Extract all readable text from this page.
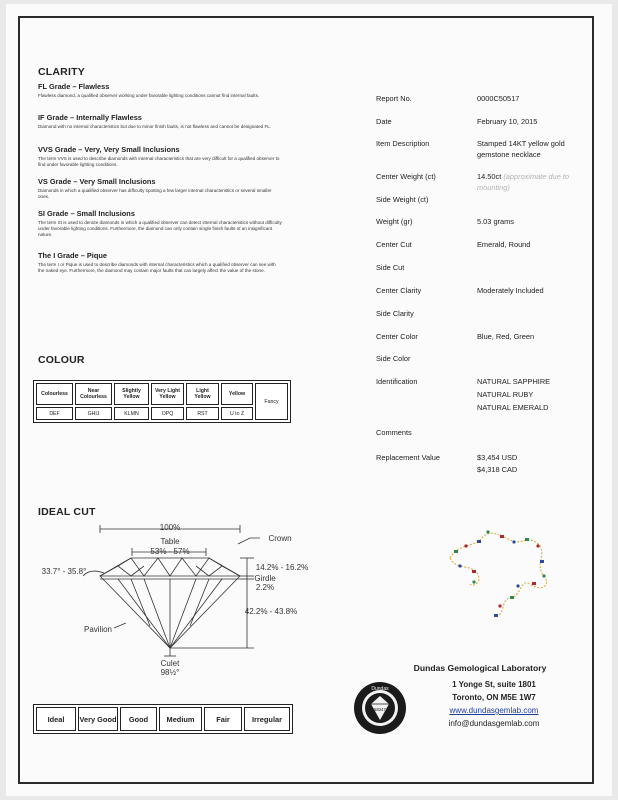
CLARITY
FL Grade – Flawless
Flawless diamond, a qualified observer working under favorable lighting conditions cannot find internal faults.
IF Grade – Internally Flawless
Diamond with no internal characteristics but due to minor finish faults, is not flawless and cannot be designated FL.
VVS Grade – Very, Very Small Inclusions
The term VVS is used to describe diamonds with internal characteristics that are very difficult for a qualified observer to find under favorable lighting conditions.
VS Grade – Very Small Inclusions
Diamonds in which a qualified observer has difficulty spotting a few larger internal characteristics or several smaller ones.
SI Grade – Small Inclusions
The term SI is used to denote diamonds in which a qualified observer can detect internal characteristics without difficulty under favorable lighting conditions. Furthermore, the diamond can only contain single finish faults of an insignificant nature.
The I Grade – Pique
The term I or Pique is used to describe diamonds with internal characteristics which a qualified observer can see with the naked eye. Furthermore, the diamond may contain major faults that can largely affect the value of the stone.
COLOUR
Colourless	Near Colourless	Slightly Yellow	Very Light Yellow	Light Yellow	Yellow	Fancy
DEF	GHIJ	KLMN	OPQ	RST	U to Z	
Report No.	0000C50517
Date	February 10, 2015
Item Description	Stamped 14KT yellow gold gemstone necklace
Center Weight (ct)	14.50ct (approximate due to mounting)
Side Weight (ct)
Weight (gr)	5.03 grams
Center Cut	Emerald, Round
Side Cut
Center Clarity	Moderately Included
Side Clarity
Center Color	Blue, Red, Green
Side Color
Identification	NATURAL SAPPHIRE
NATURAL RUBY
NATURAL EMERALD
Comments
Replacement Value	$3,454 USD
$4,318 CAD
IDEAL CUT
100%
Table
53% - 57%
Crown
33.7° - 35.8°	14.2% - 16.2%
Girdle
2.2%
42.2% - 43.8%
Pavilion
Culet
98½°
Ideal	Very Good	Good	Medium	Fair	Irregular
Dundas
58247
Dundas Gemological Laboratory
1 Yonge St, suite 1801
Toronto, ON M5E 1W7
www.dundasgemlab.com
info@dundasgemlab.com
